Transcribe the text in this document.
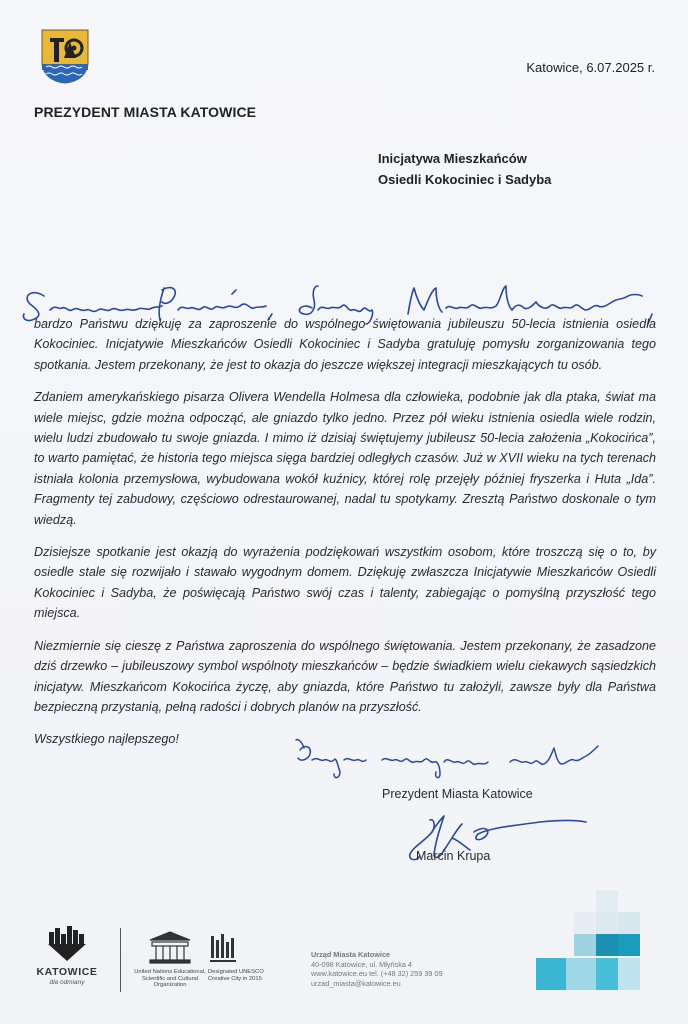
PREZYDENT MIASTA KATOWICE
Katowice, 6.07.2025 r.
Inicjatywa Mieszkańców
Osiedli Kokociniec i Sadyba

bardzo Państwu dziękuję za zaproszenie do wspólnego świętowania jubileuszu 50-lecia istnienia osiedla Kokociniec. Inicjatywie Mieszkańców Osiedli Kokociniec i Sadyba gratuluję pomysłu zorganizowania tego spotkania. Jestem przekonany, że jest to okazja do jeszcze większej integracji mieszkających tu osób.

Zdaniem amerykańskiego pisarza Olivera Wendella Holmesa dla człowieka, podobnie jak dla ptaka, świat ma wiele miejsc, gdzie można odpocząć, ale gniazdo tylko jedno. Przez pół wieku istnienia osiedla wiele rodzin, wielu ludzi zbudowało tu swoje gniazda. I mimo iż dzisiaj świętujemy jubileusz 50-lecia założenia „Kokocińca”, to warto pamiętać, że historia tego miejsca sięga bardziej odległych czasów. Już w XVII wieku na tych terenach istniała kolonia przemysłowa, wybudowana wokół kuźnicy, której rolę przejęły później fryszerka i Huta „Ida”. Fragmenty tej zabudowy, częściowo odrestaurowanej, nadal tu spotykamy. Zresztą Państwo doskonale o tym wiedzą.

Dzisiejsze spotkanie jest okazją do wyrażenia podziękowań wszystkim osobom, które troszczą się o to, by osiedle stale się rozwijało i stawało wygodnym domem. Dziękuję zwłaszcza Inicjatywie Mieszkańców Osiedli Kokociniec i Sadyba, że poświęcają Państwo swój czas i talenty, zabiegając o pomyślną przyszłość tego miejsca.

Niezmiernie się cieszę z Państwa zaproszenia do wspólnego świętowania. Jestem przekonany, że zasadzone dziś drzewko – jubileuszowy symbol wspólnoty mieszkańców – będzie świadkiem wielu ciekawych sąsiedzkich inicjatyw. Mieszkańcom Kokocińca życzę, aby gniazda, które Państwo tu założyli, zawsze były dla Państwa bezpieczną przystanią, pełną radości i dobrych planów na przyszłość.

Wszystkiego najlepszego!

Prezydent Miasta Katowice
Marcin Krupa
KATOWICE
dla odmiany
United Nations Educational, Scientific and Cultural Organization
Designated UNESCO Creative City in 2015
Urząd Miasta Katowice
40-098 Katowice, ul. Młyńska 4
www.katowice.eu tel. (+48 32) 259 39 09
urzad_miasta@katowice.eu
